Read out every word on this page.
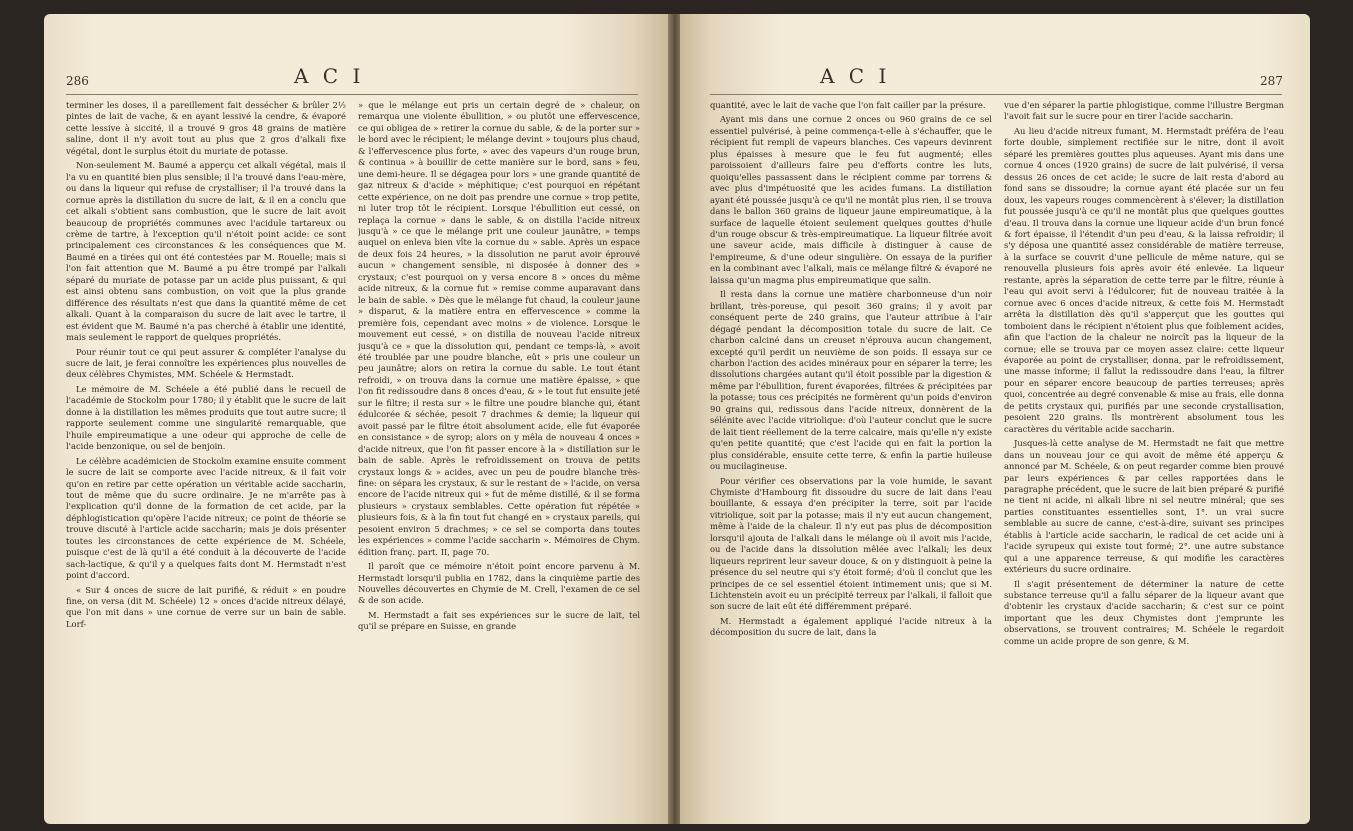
286	A C I

terminer les doses, il a pareillement fait dessécher & brûler 2½ pintes de lait de vache, & en ayant lessivé la cendre, & évaporé cette lessive à siccité, il a trouvé 9 gros 48 grains de matière saline, dont il n'y avoit tout au plus que 2 gros d'alkali fixe végétal, dont le surplus étoit du muriate de potasse.

Non-seulement M. Baumé a apperçu cet alkali végétal, mais il l'a vu en quantité bien plus sensible; il l'a trouvé dans l'eau-mère, ou dans la liqueur qui refuse de crystalliser; il l'a trouvé dans la cornue après la distillation du sucre de lait, & il en a conclu que cet alkali s'obtient sans combustion, que le sucre de lait avoit beaucoup de propriétés communes avec l'acidule tartareux ou crème de tartre, à l'exception qu'il n'étoit point acide: ce sont principalement ces circonstances & les conséquences que M. Baumé en a tirées qui ont été contestées par M. Rouelle; mais si l'on fait attention que M. Baumé a pu être trompé par l'alkali séparé du muriate de potasse par un acide plus puissant, & qui est ainsi obtenu sans combustion, on voit que la plus grande différence des résultats n'est que dans la quantité même de cet alkali. Quant à la comparaison du sucre de lait avec le tartre, il est évident que M. Baumé n'a pas cherché à établir une identité, mais seulement le rapport de quelques propriétés.

Pour réunir tout ce qui peut assurer & compléter l'analyse du sucre de lait, je ferai connoître les expériences plus nouvelles de deux célèbres Chymistes, MM. Schéele & Hermstadt.

Le mémoire de M. Schéele a été publié dans le recueil de l'académie de Stockolm pour 1780; il y établit que le sucre de lait donne à la distillation les mêmes produits que tout autre sucre; il rapporte seulement comme une singularité remarquable, que l'huile empireumatique a une odeur qui approche de celle de l'acide benzonique, ou sel de benjoin.

Le célèbre académicien de Stockolm examine ensuite comment le sucre de lait se comporte avec l'acide nitreux, & il fait voir qu'on en retire par cette opération un véritable acide saccharin, tout de même que du sucre ordinaire. Je ne m'arrête pas à l'explication qu'il donne de la formation de cet acide, par la déphlogistication qu'opère l'acide nitreux; ce point de théorie se trouve discuté à l'article acide saccharin; mais je dois présenter toutes les circonstances de cette expérience de M. Schéele, puisque c'est de là qu'il a été conduit à la découverte de l'acide sach-lactique, & qu'il y a quelques faits dont M. Hermstadt n'est point d'accord.

« Sur 4 onces de sucre de lait purifié, & réduit » en poudre fine, on versa (dit M. Schéele) 12 » onces d'acide nitreux délayé, que l'on mit dans » une cornue de verre sur un bain de sable. Lorf-

» que le mélange eut pris un certain degré de » chaleur, on remarqua une violente ébullition, » ou plutôt une effervescence, ce qui obligea de » retirer la cornue du sable, & de la porter sur » le bord avec le récipient; le mélange devint » toujours plus chaud, & l'effervescence plus forte, » avec des vapeurs d'un rouge brun, & continua » à bouillir de cette manière sur le bord, sans » feu, une demi-heure. Il se dégagea pour lors » une grande quantité de gaz nitreux & d'acide » méphitique; c'est pourquoi en répétant cette expérience, on ne doit pas prendre une cornue » trop petite, ni luter trop tôt le récipient. Lorsque l'ébullition eut cessé, on replaça la cornue » dans le sable, & on distilla l'acide nitreux jusqu'à » ce que le mélange prit une couleur jaunâtre, » temps auquel on enleva bien vîte la cornue du » sable. Après un espace de deux fois 24 heures, » la dissolution ne parut avoir éprouvé aucun » changement sensible, ni disposée à donner des » crystaux; c'est pourquoi on y versa encore 8 » onces du même acide nitreux, & la cornue fut » remise comme auparavant dans le bain de sable. » Dès que le mélange fut chaud, la couleur jaune » disparut, & la matière entra en effervescence » comme la première fois, cependant avec moins » de violence. Lorsque le mouvement eut cessé, » on distilla de nouveau l'acide nitreux jusqu'à ce » que la dissolution qui, pendant ce temps-là, » avoit été troublée par une poudre blanche, eût » pris une couleur un peu jaunâtre; alors on retira la cornue du sable. Le tout étant refroidi, » on trouva dans la cornue une matière épaisse, » que l'on fit redissoudre dans 8 onces d'eau, & » le tout fut ensuite jeté sur le filtre; il resta sur » le filtre une poudre blanche qui, étant édulcorée & séchée, pesoit 7 drachmes & demie; la liqueur qui avoit passé par le filtre étoit absolument acide, elle fut évaporée en consistance » de syrop; alors on y mêla de nouveau 4 onces » d'acide nitreux, que l'on fit passer encore à la » distillation sur le bain de sable. Après le refroidissement on trouva de petits crystaux longs & » acides, avec un peu de poudre blanche très-fine: on sépara les crystaux, & sur le restant de » l'acide, on versa encore de l'acide nitreux qui » fut de même distillé, & il se forma plusieurs » crystaux semblables. Cette opération fut répétée » plusieurs fois, & à la fin tout fut changé en » crystaux pareils, qui pesoient environ 5 drachmes; » ce sel se comporta dans toutes les expériences » comme l'acide saccharin ». Mémoires de Chym. édition franç. part. II, page 70.

Il paroît que ce mémoire n'étoit point encore parvenu à M. Hermstadt lorsqu'il publia en 1782, dans la cinquième partie des Nouvelles découvertes en Chymie de M. Crell, l'examen de ce sel & de son acide.

M. Hermstadt a fait ses expériences sur le sucre de lait, tel qu'il se prépare en Suisse, en grande

A C I	287

quantité, avec le lait de vache que l'on fait cailler par la présure.

Ayant mis dans une cornue 2 onces ou 960 grains de ce sel essentiel pulvérisé, à peine commença-t-elle à s'échauffer, que le récipient fut rempli de vapeurs blanches. Ces vapeurs devinrent plus épaisses à mesure que le feu fut augmenté; elles paroissoient d'ailleurs faire peu d'efforts contre les luts, quoiqu'elles passassent dans le récipient comme par torrens & avec plus d'impétuosité que les acides fumans. La distillation ayant été poussée jusqu'à ce qu'il ne montât plus rien, il se trouva dans le ballon 360 grains de liqueur jaune empireumatique, à la surface de laquelle étoient seulement quelques gouttes d'huile d'un rouge obscur & très-empireumatique. La liqueur filtrée avoit une saveur acide, mais difficile à distinguer à cause de l'empireume, & d'une odeur singulière. On essaya de la purifier en la combinant avec l'alkali, mais ce mélange filtré & évaporé ne laissa qu'un magma plus empireumatique que salin.

Il resta dans la cornue une matière charbonneuse d'un noir brillant, très-poreuse, qui pesoit 360 grains; il y avoit par conséquent perte de 240 grains, que l'auteur attribue à l'air dégagé pendant la décomposition totale du sucre de lait. Ce charbon calciné dans un creuset n'éprouva aucun changement, excepté qu'il perdit un neuvième de son poids. Il essaya sur ce charbon l'action des acides minéraux pour en séparer la terre; les dissolutions chargées autant qu'il étoit possible par la digestion & même par l'ébullition, furent évaporées, filtrées & précipitées par la potasse; tous ces précipités ne formèrent qu'un poids d'environ 90 grains qui, redissous dans l'acide nitreux, donnèrent de la sélénite avec l'acide vitriolique: d'où l'auteur conclut que le sucre de lait tient réellement de la terre calcaire, mais qu'elle n'y existe qu'en petite quantité; que c'est l'acide qui en fait la portion la plus considérable, ensuite cette terre, & enfin la partie huileuse ou mucilagineuse.

Pour vérifier ces observations par la voie humide, le savant Chymiste d'Hambourg fit dissoudre du sucre de lait dans l'eau bouillante, & essaya d'en précipiter la terre, soit par l'acide vitriolique, soit par la potasse; mais il n'y eut aucun changement, même à l'aide de la chaleur. Il n'y eut pas plus de décomposition lorsqu'il ajouta de l'alkali dans le mélange où il avoit mis l'acide, ou de l'acide dans la dissolution mêlée avec l'alkali; les deux liqueurs reprirent leur saveur douce, & on y distinguoit à peine la présence du sel neutre qui s'y étoit formé; d'où il conclut que les principes de ce sel essentiel étoient intimement unis; que si M. Lichtenstein avoit eu un précipité terreux par l'alkali, il falloit que son sucre de lait eût été différemment préparé.

M. Hermstadt a également appliqué l'acide nitreux à la décomposition du sucre de lait, dans la

vue d'en séparer la partie phlogistique, comme l'illustre Bergman l'avoit fait sur le sucre pour en tirer l'acide saccharin.

Au lieu d'acide nitreux fumant, M. Hermstadt préféra de l'eau forte double, simplement rectifiée sur le nitre, dont il avoit séparé les premières gouttes plus aqueuses. Ayant mis dans une cornue 4 onces (1920 grains) de sucre de lait pulvérisé, il versa dessus 26 onces de cet acide; le sucre de lait resta d'abord au fond sans se dissoudre; la cornue ayant été placée sur un feu doux, les vapeurs rouges commencèrent à s'élever; la distillation fut poussée jusqu'à ce qu'il ne montât plus que quelques gouttes d'eau. Il trouva dans la cornue une liqueur acide d'un brun foncé & fort épaisse, il l'étendit d'un peu d'eau, & la laissa refroidir; il s'y déposa une quantité assez considérable de matière terreuse, à la surface se couvrit d'une pellicule de même nature, qui se renouvella plusieurs fois après avoir été enlevée. La liqueur restante, après la séparation de cette terre par le filtre, réunie à l'eau qui avoit servi à l'édulcorer, fut de nouveau traitée à la cornue avec 6 onces d'acide nitreux, & cette fois M. Hermstadt arrêta la distillation dès qu'il s'apperçut que les gouttes qui tomboient dans le récipient n'étoient plus que foiblement acides, afin que l'action de la chaleur ne noircît pas la liqueur de la cornue; elle se trouva par ce moyen assez claire: cette liqueur évaporée au point de crystalliser, donna, par le refroidissement, une masse informe; il fallut la redissoudre dans l'eau, la filtrer pour en séparer encore beaucoup de parties terreuses; après quoi, concentrée au degré convenable & mise au frais, elle donna de petits crystaux qui, purifiés par une seconde crystallisation, pesoient 220 grains. Ils montrèrent absolument tous les caractères du véritable acide saccharin.

Jusques-là cette analyse de M. Hermstadt ne fait que mettre dans un nouveau jour ce qui avoit de même été apperçu & annoncé par M. Schéele, & on peut regarder comme bien prouvé par leurs expériences & par celles rapportées dans le paragraphe précédent, que le sucre de lait bien préparé & purifié ne tient ni acide, ni alkali libre ni sel neutre minéral; que ses parties constituantes essentielles sont, 1°. un vrai sucre semblable au sucre de canne, c'est-à-dire, suivant ses principes établis à l'article acide saccharin, le radical de cet acide uni à l'acide syrupeux qui existe tout formé; 2°. une autre substance qui a une apparence terreuse, & qui modifie les caractères extérieurs du sucre ordinaire.

Il s'agit présentement de déterminer la nature de cette substance terreuse qu'il a fallu séparer de la liqueur avant que d'obtenir les crystaux d'acide saccharin; & c'est sur ce point important que les deux Chymistes dont j'emprunte les observations, se trouvent contraires; M. Schéele le regardoit comme un acide propre de son genre, & M.
